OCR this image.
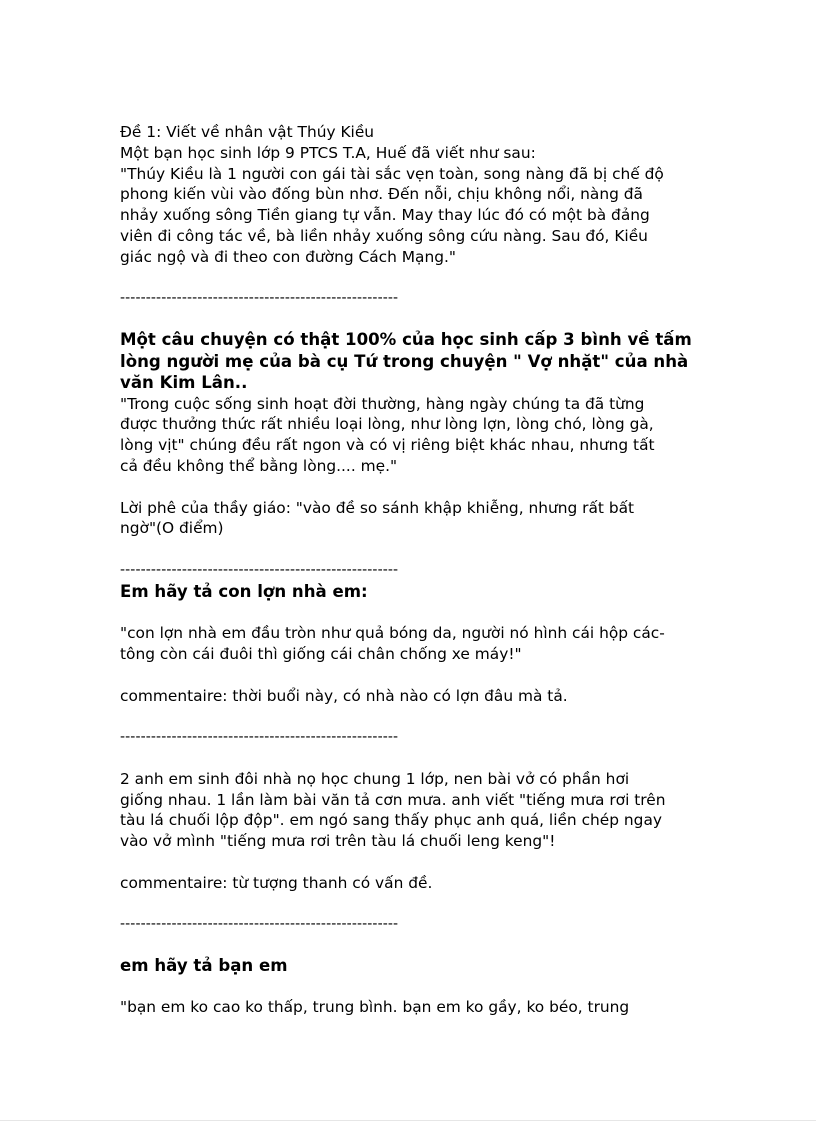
Đề 1: Viết về nhân vật Thúy Kiều

Một bạn học sinh lớp 9 PTCS T.A, Huế đã viết như sau:

"Thúy Kiều là 1 người con gái tài sắc vẹn toàn, song nàng đã bị chế độ

phong kiến vùi vào đống bùn nhơ. Đến nỗi, chịu không nổi, nàng đã

nhảy xuống sông Tiền giang tự vẫn. May thay lúc đó có một bà đảng

viên đi công tác về, bà liền nhảy xuống sông cứu nàng. Sau đó, Kiều

giác ngộ và đi theo con đường Cách Mạng."

------------------------------------------------------

Một câu chuyện có thật 100% của học sinh cấp 3 bình về tấm

lòng người mẹ của bà cụ Tứ trong chuyện " Vợ nhặt" của nhà

văn Kim Lân..

"Trong cuộc sống sinh hoạt đời thường, hàng ngày chúng ta đã từng

được thưởng thức rất nhiều loại lòng, như lòng lợn, lòng chó, lòng gà,

lòng vịt" chúng đều rất ngon và có vị riêng biệt khác nhau, nhưng tất

cả đều không thể bằng lòng.... mẹ."

Lời phê của thầy giáo: "vào đề so sánh khập khiễng, nhưng rất bất

ngờ"(O điểm)

------------------------------------------------------

Em hãy tả con lợn nhà em:

"con lợn nhà em đầu tròn như quả bóng da, người nó hình cái hộp các-

tông còn cái đuôi thì giống cái chân chống xe máy!"

commentaire: thời buổi này, có nhà nào có lợn đâu mà tả.

------------------------------------------------------

2 anh em sinh đôi nhà nọ học chung 1 lớp, nen bài vở có phần hơi

giống nhau. 1 lần làm bài văn tả cơn mưa. anh viết "tiếng mưa rơi trên

tàu lá chuối lộp độp". em ngó sang thấy phục anh quá, liền chép ngay

vào vở mình "tiếng mưa rơi trên tàu lá chuối leng keng"!

commentaire: từ tượng thanh có vấn đề.

------------------------------------------------------

em hãy tả bạn em

"bạn em ko cao ko thấp, trung bình. bạn em ko gầy, ko béo, trung
